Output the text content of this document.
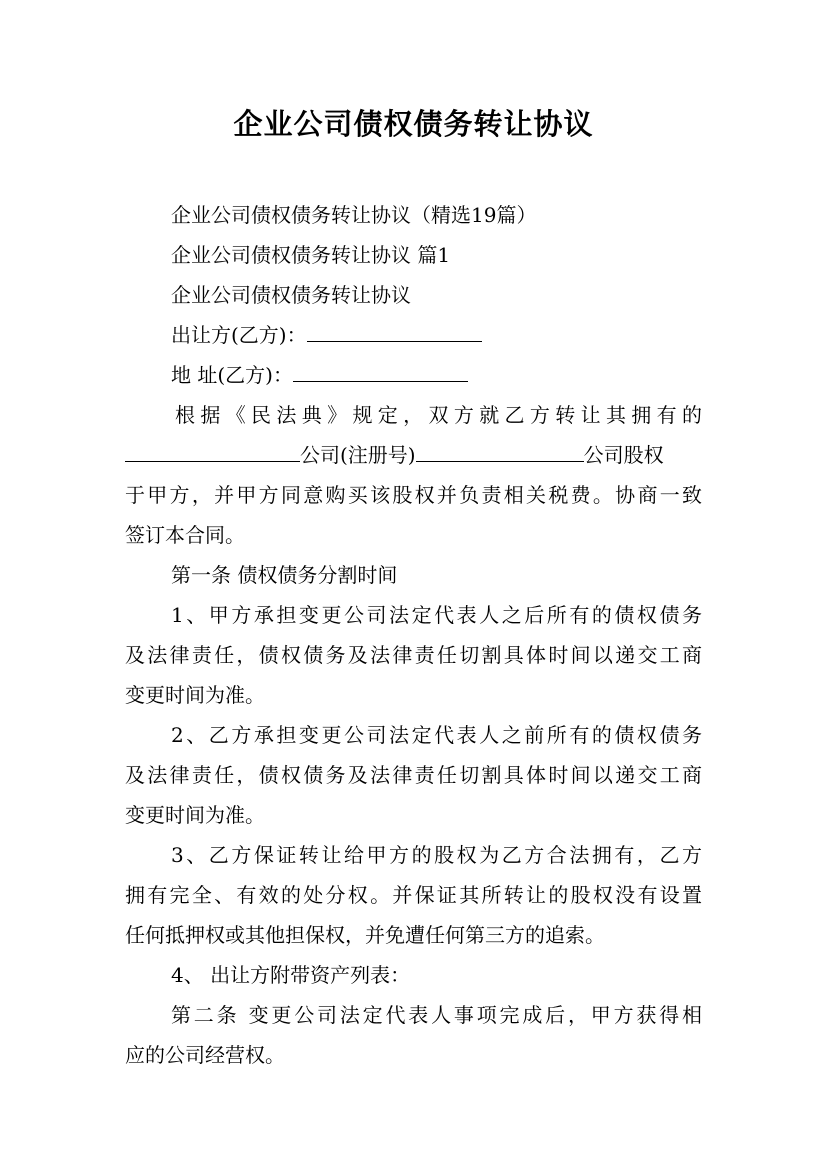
企业公司债权债务转让协议
企业公司债权债务转让协议（精选19篇）
企业公司债权债务转让协议 篇1
企业公司债权债务转让协议
出让方(乙方)：
地 址(乙方)：
根据《民法典》规定，双方就乙方转让其拥有的
公司(注册号)	公司股权
于甲方，并甲方同意购买该股权并负责相关税费。协商一致
签订本合同。
第一条 债权债务分割时间
1、甲方承担变更公司法定代表人之后所有的债权债务
及法律责任，债权债务及法律责任切割具体时间以递交工商
变更时间为准。
2、乙方承担变更公司法定代表人之前所有的债权债务
及法律责任，债权债务及法律责任切割具体时间以递交工商
变更时间为准。
3、乙方保证转让给甲方的股权为乙方合法拥有，乙方
拥有完全、有效的处分权。并保证其所转让的股权没有设置
任何抵押权或其他担保权，并免遭任何第三方的追索。
4、 出让方附带资产列表：
第二条 变更公司法定代表人事项完成后，甲方获得相
应的公司经营权。
